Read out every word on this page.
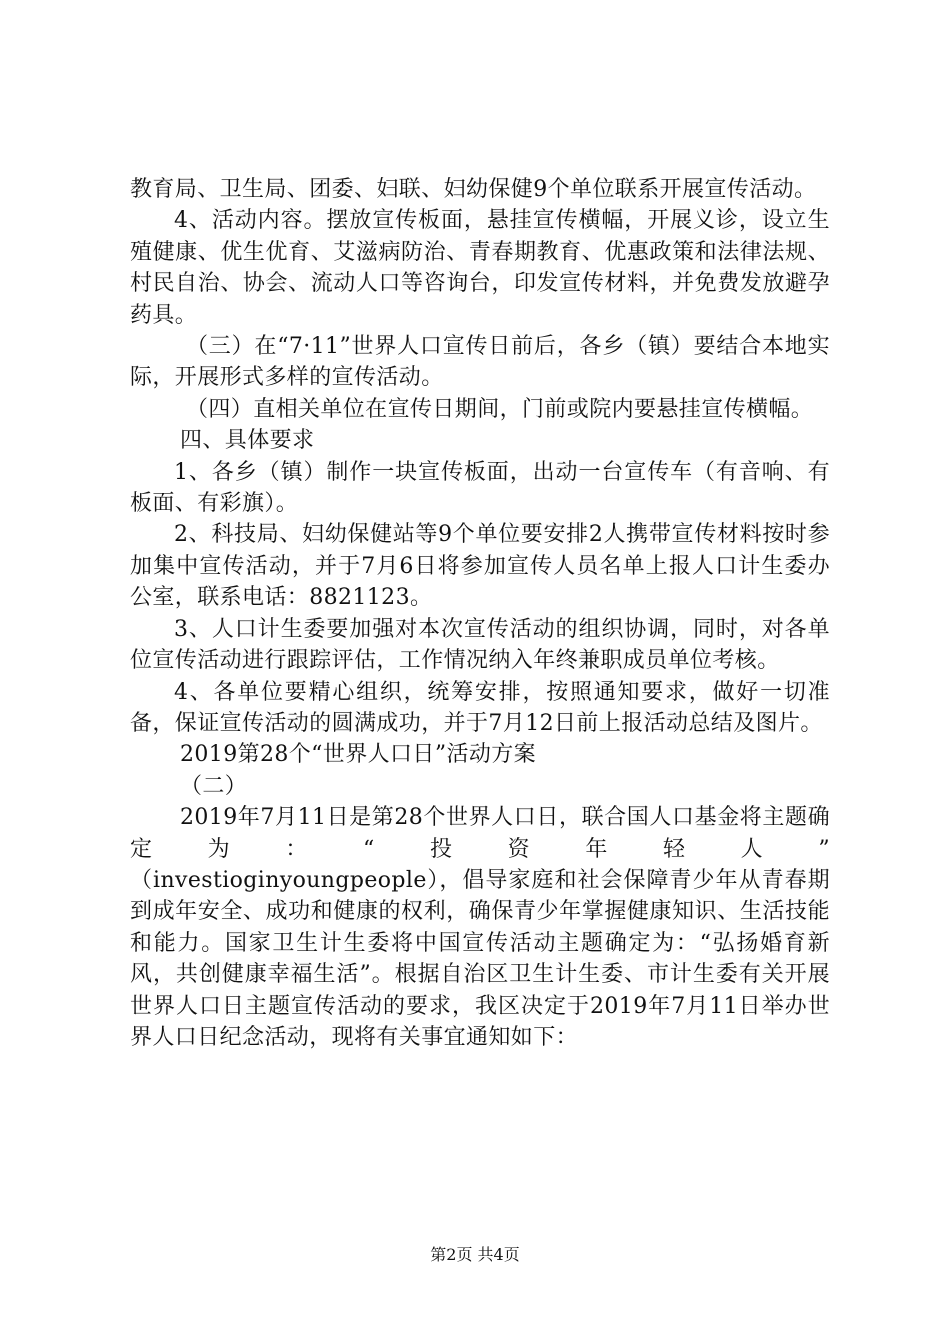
教育局、卫生局、团委、妇联、妇幼保健9个单位联系开展宣传活动。

4、活动内容。摆放宣传板面，悬挂宣传横幅，开展义诊，设立生殖健康、优生优育、艾滋病防治、青春期教育、优惠政策和法律法规、村民自治、协会、流动人口等咨询台，印发宣传材料，并免费发放避孕药具。

（三）在“7·11”世界人口宣传日前后，各乡（镇）要结合本地实际，开展形式多样的宣传活动。

（四）直相关单位在宣传日期间，门前或院内要悬挂宣传横幅。

四、具体要求

1、各乡（镇）制作一块宣传板面，出动一台宣传车（有音响、有板面、有彩旗）。

2、科技局、妇幼保健站等9个单位要安排2人携带宣传材料按时参加集中宣传活动，并于7月6日将参加宣传人员名单上报人口计生委办公室，联系电话：8821123。

3、人口计生委要加强对本次宣传活动的组织协调，同时，对各单位宣传活动进行跟踪评估，工作情况纳入年终兼职成员单位考核。

4、各单位要精心组织，统筹安排，按照通知要求，做好一切准备，保证宣传活动的圆满成功，并于7月12日前上报活动总结及图片。

2019第28个“世界人口日”活动方案

（二）

2019年7月11日是第28个世界人口日，联合国人口基金将主题确定为：“投资年轻人”

（investioginyoungpeople），倡导家庭和社会保障青少年从青春期到成年安全、成功和健康的权利，确保青少年掌握健康知识、生活技能和能力。国家卫生计生委将中国宣传活动主题确定为：“弘扬婚育新风，共创健康幸福生活”。根据自治区卫生计生委、市计生委有关开展世界人口日主题宣传活动的要求，我区决定于2019年7月11日举办世界人口日纪念活动，现将有关事宜通知如下：

第2页 共4页
